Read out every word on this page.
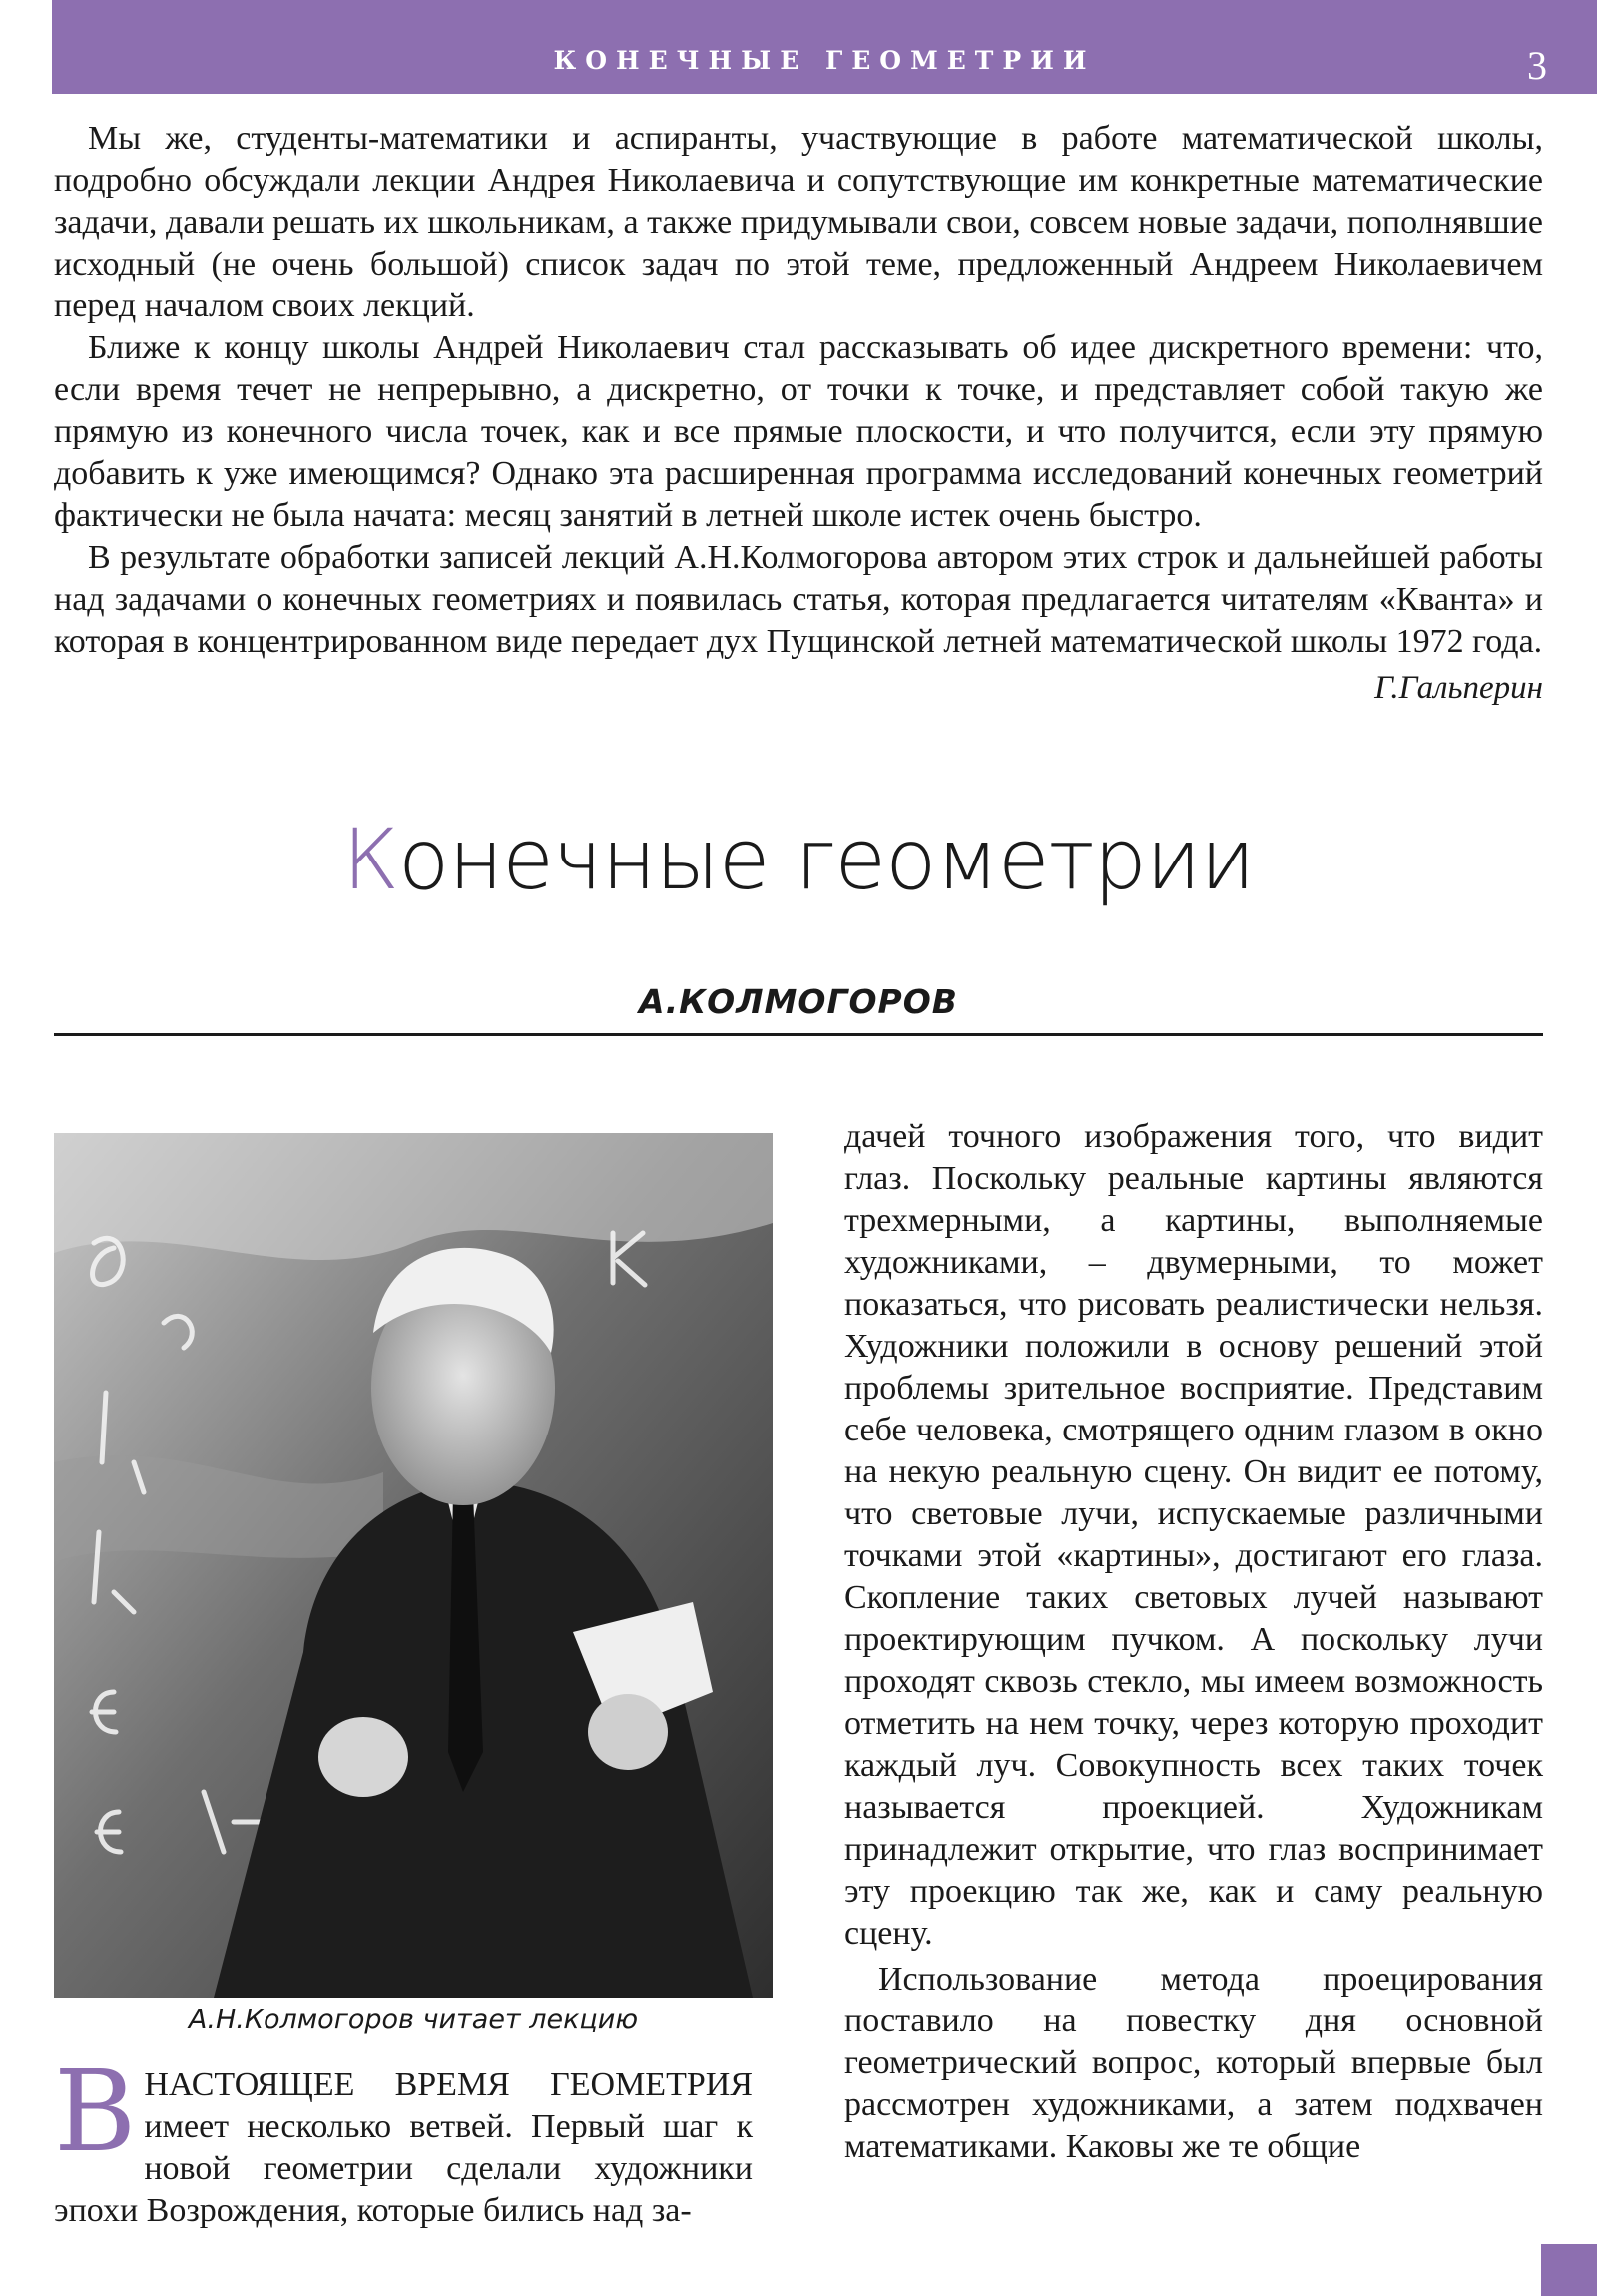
КОНЕЧНЫЕ ГЕОМЕТРИИ	3

Мы же, студенты-математики и аспиранты, участвующие в работе математической школы, подробно обсуждали лекции Андрея Николаевича и сопутствующие им конкретные математические задачи, давали решать их школьникам, а также придумывали свои, совсем новые задачи, пополнявшие исходный (не очень большой) список задач по этой теме, предложенный Андреем Николаевичем перед началом своих лекций.

Ближе к концу школы Андрей Николаевич стал рассказывать об идее дискретного времени: что, если время течет не непрерывно, а дискретно, от точки к точке, и представляет собой такую же прямую из конечного числа точек, как и все прямые плоскости, и что получится, если эту прямую добавить к уже имеющимся? Однако эта расширенная программа исследований конечных геометрий фактически не была начата: месяц занятий в летней школе истек очень быстро.

В результате обработки записей лекций А.Н.Колмогорова автором этих строк и дальнейшей работы над задачами о конечных геометриях и появилась статья, которая предлагается читателям «Кванта» и которая в концентрированном виде передает дух Пущинской летней математической школы 1972 года.

Г.Гальперин
Конечные геометрии
А.КОЛМОГОРОВ
А.Н.Колмогоров читает лекцию
ВНАСТОЯЩЕЕ ВРЕМЯ ГЕОМЕТРИЯ имеет несколько ветвей. Первый шаг к новой геометрии сделали художники эпохи Возрождения, которые бились над за-

дачей точного изображения того, что видит глаз. Поскольку реальные картины являются трехмерными, а картины, выполняемые художниками, – двумерными, то может показаться, что рисовать реалистически нельзя. Художники положили в основу решений этой проблемы зрительное восприятие. Представим себе человека, смотрящего одним глазом в окно на некую реальную сцену. Он видит ее потому, что световые лучи, испускаемые различными точками этой «картины», достигают его глаза. Скопление таких световых лучей называют проектирующим пучком. А поскольку лучи проходят сквозь стекло, мы имеем возможность отметить на нем точку, через которую проходит каждый луч. Совокупность всех таких точек называется проекцией. Художникам принадлежит открытие, что глаз воспринимает эту проекцию так же, как и саму реальную сцену.

Использование метода проецирования поставило на повестку дня основной геометрический вопрос, который впервые был рассмотрен художниками, а затем подхвачен математиками. Каковы же те общие
